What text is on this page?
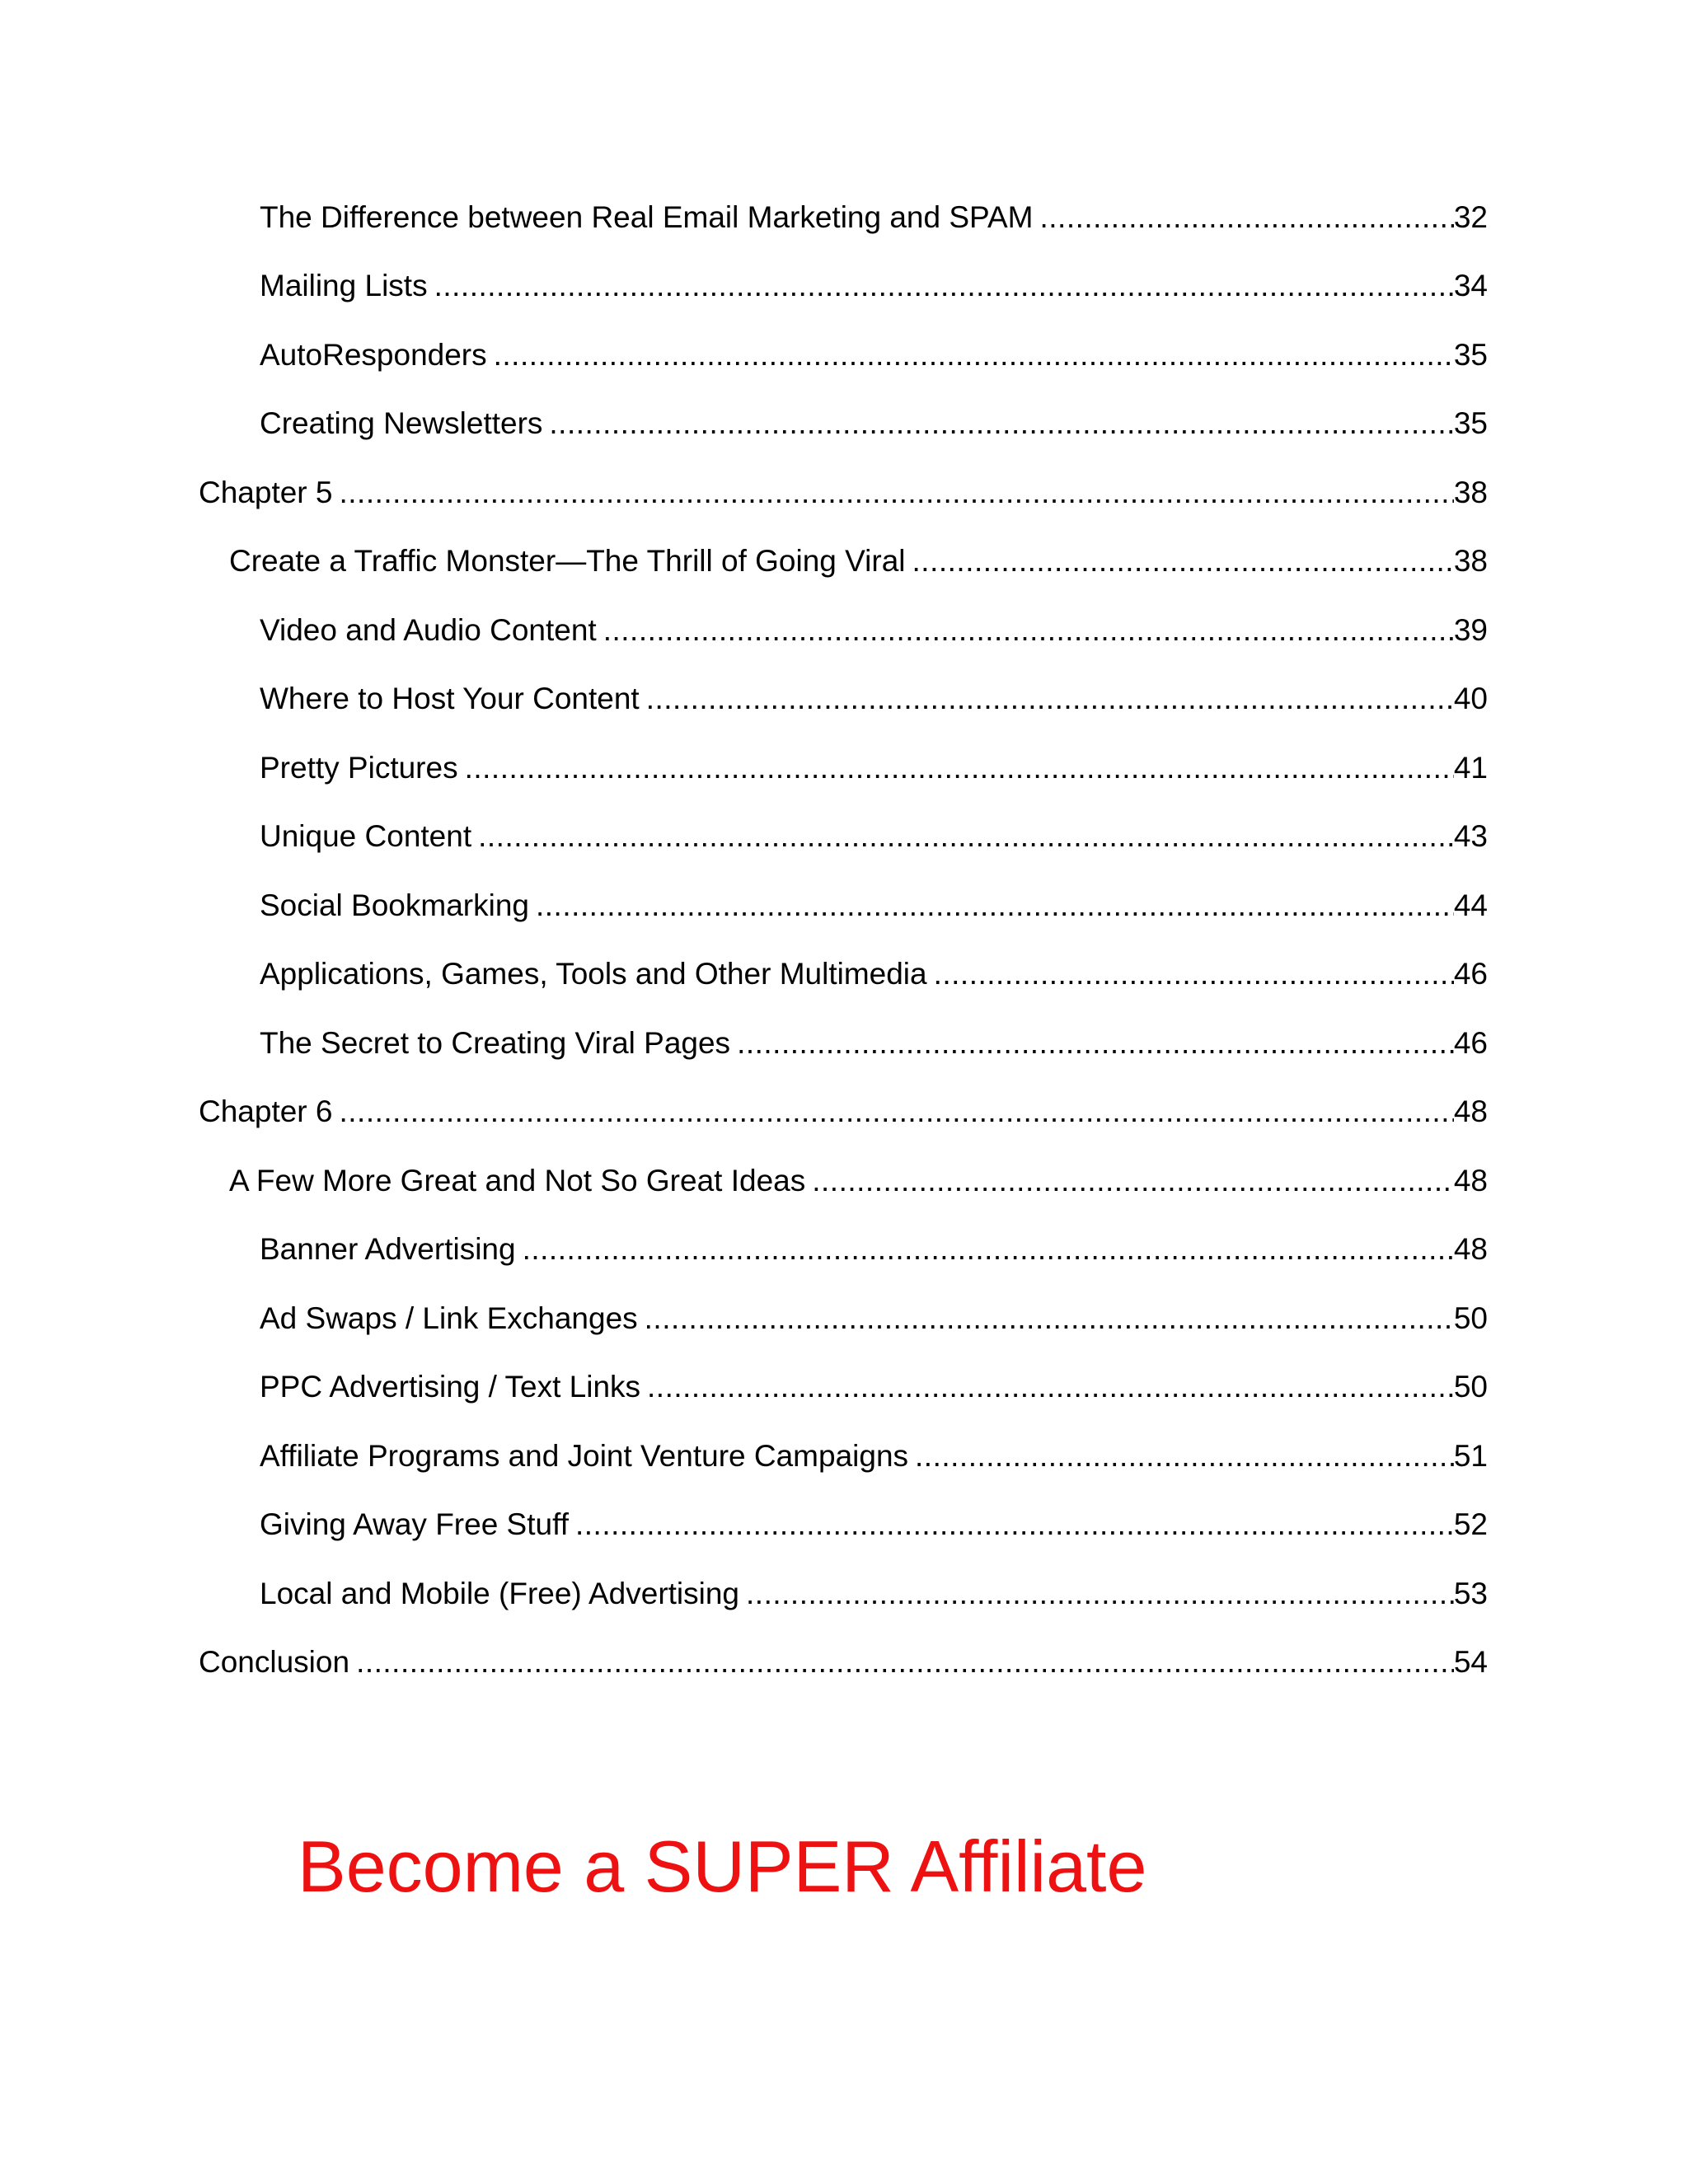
The Difference between Real Email Marketing and SPAM .....	32
Mailing Lists .....	34
AutoResponders .....	35
Creating Newsletters .....	35
Chapter 5 .....	38
Create a Traffic Monster—The Thrill of Going Viral .....	38
Video and Audio Content .....	39
Where to Host Your Content .....	40
Pretty Pictures .....	41
Unique Content .....	43
Social Bookmarking .....	44
Applications, Games, Tools and Other Multimedia .....	46
The Secret to Creating Viral Pages .....	46
Chapter 6 .....	48
A Few More Great and Not So Great Ideas .....	48
Banner Advertising .....	48
Ad Swaps / Link Exchanges .....	50
PPC Advertising / Text Links .....	50
Affiliate Programs and Joint Venture Campaigns .....	51
Giving Away Free Stuff .....	52
Local and Mobile (Free) Advertising .....	53
Conclusion .....	54
Become a SUPER Affiliate
